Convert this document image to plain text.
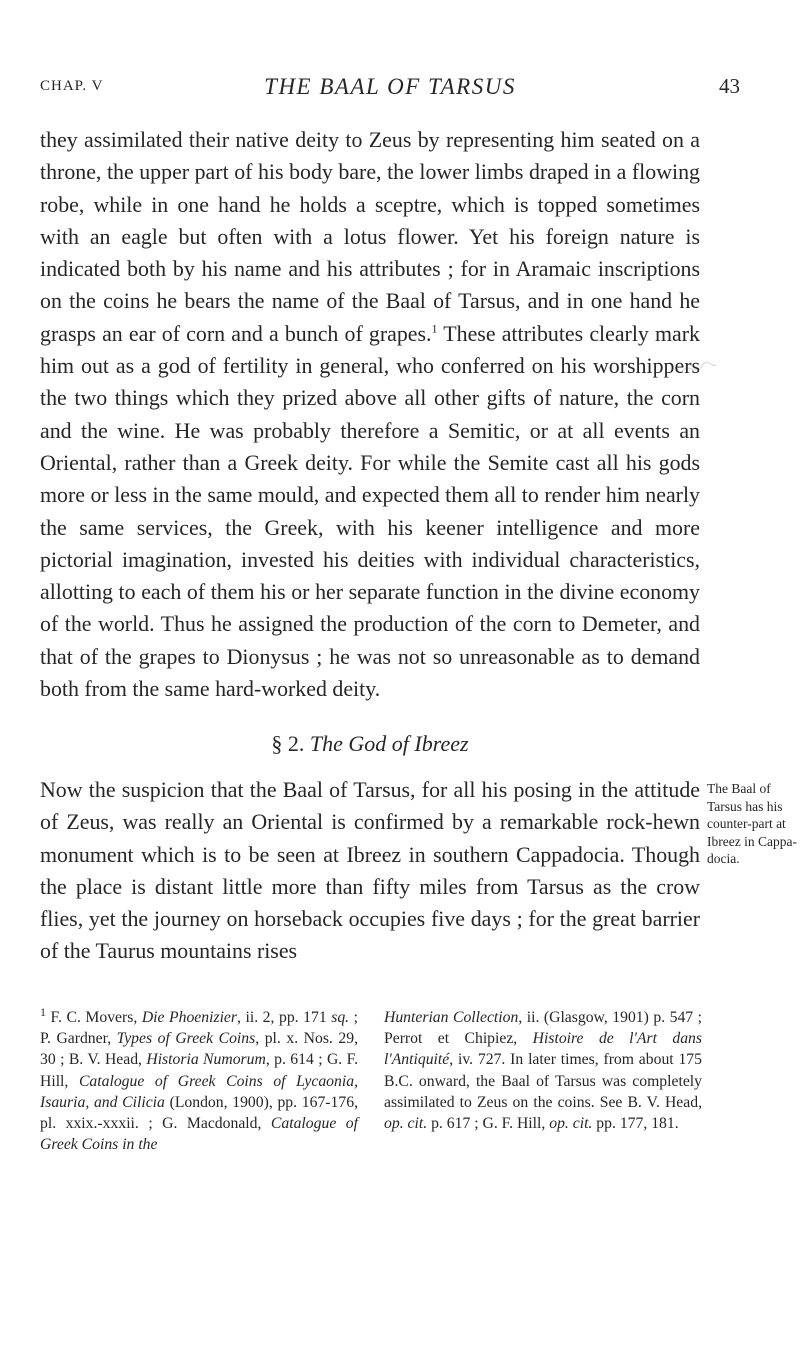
CHAP. V	THE BAAL OF TARSUS	43

they assimilated their native deity to Zeus by representing him seated on a throne, the upper part of his body bare, the lower limbs draped in a flowing robe, while in one hand he holds a sceptre, which is topped sometimes with an eagle but often with a lotus flower. Yet his foreign nature is indicated both by his name and his attributes ; for in Aramaic inscriptions on the coins he bears the name of the Baal of Tarsus, and in one hand he grasps an ear of corn and a bunch of grapes.$^1$ These attributes clearly mark him out as a god of fertility in general, who conferred on his worshippers the two things which they prized above all other gifts of nature, the corn and the wine. He was probably therefore a Semitic, or at all events an Oriental, rather than a Greek deity. For while the Semite cast all his gods more or less in the same mould, and expected them all to render him nearly the same services, the Greek, with his keener intelligence and more pictorial imagination, invested his deities with individual characteristics, allotting to each of them his or her separate function in the divine economy of the world. Thus he assigned the production of the corn to Demeter, and that of the grapes to Dionysus ; he was not so unreasonable as to demand both from the same hard-worked deity.

§ 2. The God of Ibreez

Now the suspicion that the Baal of Tarsus, for all his posing in the attitude of Zeus, was really an Oriental is confirmed by a remarkable rock-hewn monument which is to be seen at Ibreez in southern Cappadocia. Though the place is distant little more than fifty miles from Tarsus as the crow flies, yet the journey on horseback occupies five days ; for the great barrier of the Taurus mountains rises

The Baal of Tarsus has his counter-part at Ibreez in Cappa-docia.

$^1$ F. C. Movers, Die Phoenizier, ii. 2, pp. 171 sq. ; P. Gardner, Types of Greek Coins, pl. x. Nos. 29, 30 ; B. V. Head, Historia Numorum, p. 614 ; G. F. Hill, Catalogue of Greek Coins of Lycaonia, Isauria, and Cilicia (London, 1900), pp. 167-176, pl. xxix.-xxxii. ; G. Macdonald, Catalogue of Greek Coins in the

Hunterian Collection, ii. (Glasgow, 1901) p. 547 ; Perrot et Chipiez, Histoire de l'Art dans l'Antiquité, iv. 727. In later times, from about 175 B.C. onward, the Baal of Tarsus was completely assimilated to Zeus on the coins. See B. V. Head, op. cit. p. 617 ; G. F. Hill, op. cit. pp. 177, 181.
